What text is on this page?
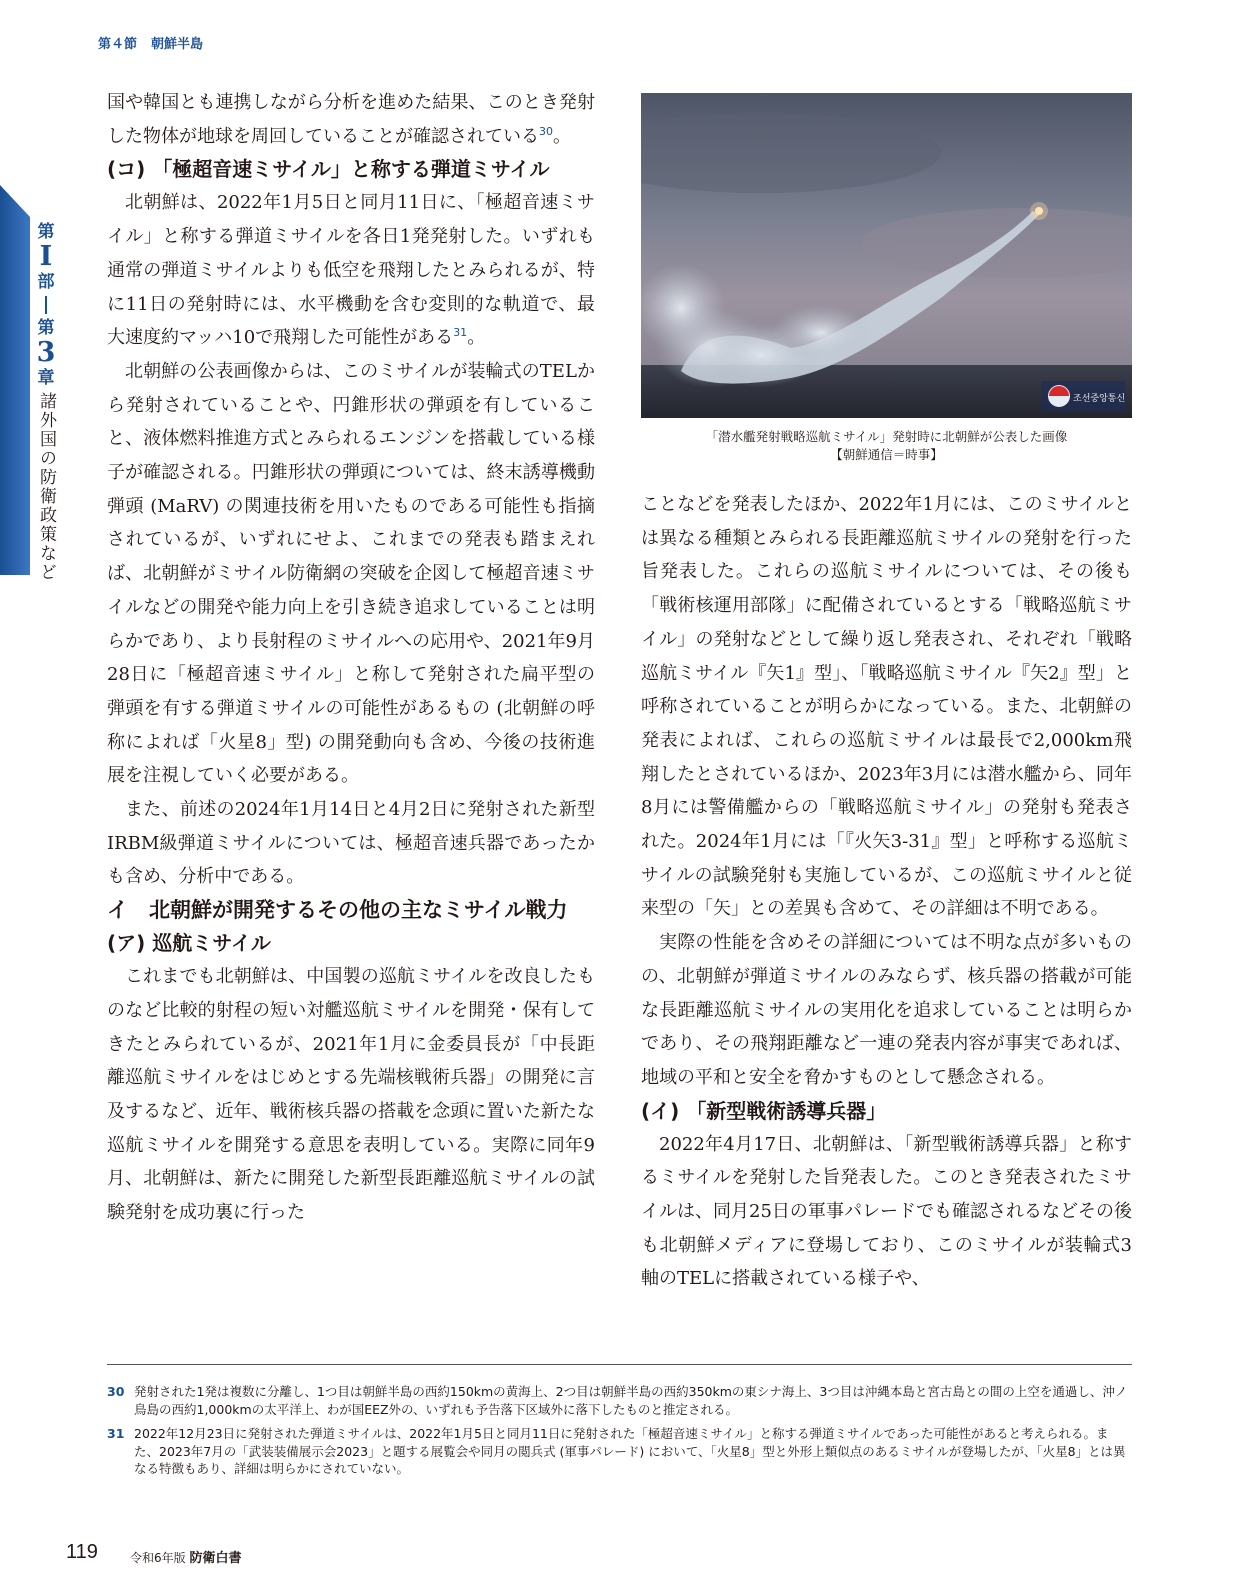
第４節 朝鮮半島
第
I
部
第
3
章
諸外国の防衛政策など

国や韓国とも連携しながら分析を進めた結果、このとき発射した物体が地球を周回していることが確認されている$^{30}$。

(コ) 「極超音速ミサイル」と称する弾道ミサイル

北朝鮮は、2022年1月5日と同月11日に、「極超音速ミサイル」と称する弾道ミサイルを各日1発発射した。いずれも通常の弾道ミサイルよりも低空を飛翔したとみられるが、特に11日の発射時には、水平機動を含む変則的な軌道で、最大速度約マッハ10で飛翔した可能性がある$^{31}$。

北朝鮮の公表画像からは、このミサイルが装輪式のTELから発射されていることや、円錐形状の弾頭を有していること、液体燃料推進方式とみられるエンジンを搭載している様子が確認される。円錐形状の弾頭については、終末誘導機動弾頭 (MaRV) の関連技術を用いたものである可能性も指摘されているが、いずれにせよ、これまでの発表も踏まえれば、北朝鮮がミサイル防衛網の突破を企図して極超音速ミサイルなどの開発や能力向上を引き続き追求していることは明らかであり、より長射程のミサイルへの応用や、2021年9月28日に「極超音速ミサイル」と称して発射された扁平型の弾頭を有する弾道ミサイルの可能性があるもの (北朝鮮の呼称によれば「火星8」型) の開発動向も含め、今後の技術進展を注視していく必要がある。

また、前述の2024年1月14日と4月2日に発射された新型IRBM級弾道ミサイルについては、極超音速兵器であったかも含め、分析中である。

イ　北朝鮮が開発するその他の主なミサイル戦力
(ア) 巡航ミサイル

これまでも北朝鮮は、中国製の巡航ミサイルを改良したものなど比較的射程の短い対艦巡航ミサイルを開発・保有してきたとみられているが、2021年1月に金委員長が「中長距離巡航ミサイルをはじめとする先端核戦術兵器」の開発に言及するなど、近年、戦術核兵器の搭載を念頭に置いた新たな巡航ミサイルを開発する意思を表明している。実際に同年9月、北朝鮮は、新たに開発した新型長距離巡航ミサイルの試験発射を成功裏に行った

조선중앙통신
「潜水艦発射戦略巡航ミサイル」発射時に北朝鮮が公表した画像
【朝鮮通信＝時事】

ことなどを発表したほか、2022年1月には、このミサイルとは異なる種類とみられる長距離巡航ミサイルの発射を行った旨発表した。これらの巡航ミサイルについては、その後も「戦術核運用部隊」に配備されているとする「戦略巡航ミサイル」の発射などとして繰り返し発表され、それぞれ「戦略巡航ミサイル『矢1』型」、「戦略巡航ミサイル『矢2』型」と呼称されていることが明らかになっている。また、北朝鮮の発表によれば、これらの巡航ミサイルは最長で2,000km飛翔したとされているほか、2023年3月には潜水艦から、同年8月には警備艦からの「戦略巡航ミサイル」の発射も発表された。2024年1月には「『火矢3-31』型」と呼称する巡航ミサイルの試験発射も実施しているが、この巡航ミサイルと従来型の「矢」との差異も含めて、その詳細は不明である。

実際の性能を含めその詳細については不明な点が多いものの、北朝鮮が弾道ミサイルのみならず、核兵器の搭載が可能な長距離巡航ミサイルの実用化を追求していることは明らかであり、その飛翔距離など一連の発表内容が事実であれば、地域の平和と安全を脅かすものとして懸念される。

(イ) 「新型戦術誘導兵器」

2022年4月17日、北朝鮮は、「新型戦術誘導兵器」と称するミサイルを発射した旨発表した。このとき発表されたミサイルは、同月25日の軍事パレードでも確認されるなどその後も北朝鮮メディアに登場しており、このミサイルが装輪式3軸のTELに搭載されている様子や、

30 発射された1発は複数に分離し、1つ目は朝鮮半島の西約150kmの黄海上、2つ目は朝鮮半島の西約350kmの東シナ海上、3つ目は沖縄本島と宮古島との間の上空を通過し、沖ノ鳥島の西約1,000kmの太平洋上、わが国EEZ外の、いずれも予告落下区域外に落下したものと推定される。
31 2022年12月23日に発射された弾道ミサイルは、2022年1月5日と同月11日に発射された「極超音速ミサイル」と称する弾道ミサイルであった可能性があると考えられる。また、2023年7月の「武装装備展示会2023」と題する展覧会や同月の閲兵式 (軍事パレード) において、「火星8」型と外形上類似点のあるミサイルが登場したが、「火星8」とは異なる特徴もあり、詳細は明らかにされていない。
119	令和6年版 防衛白書
